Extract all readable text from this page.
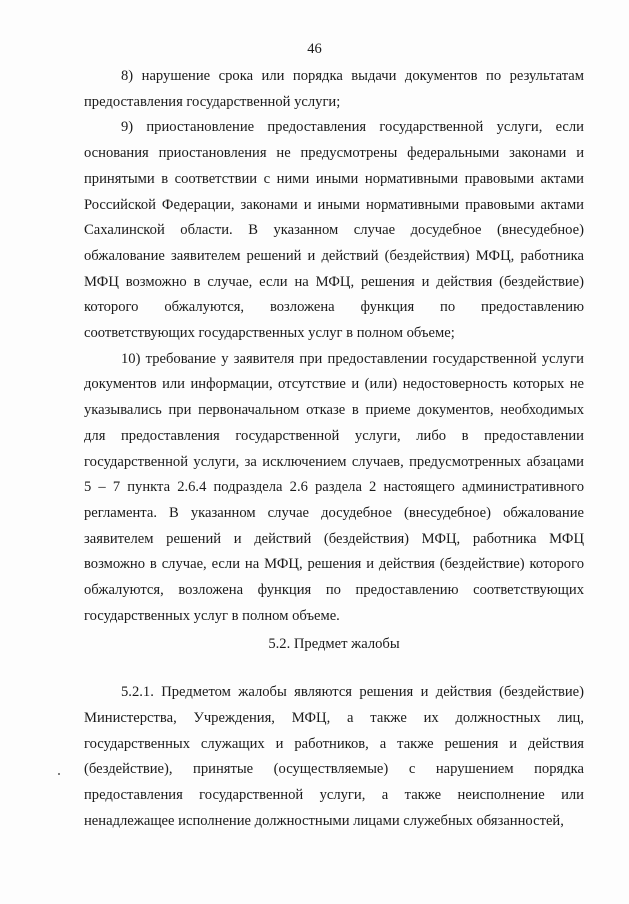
46

8) нарушение срока или порядка выдачи документов по результатам предоставления государственной услуги;

9) приостановление предоставления государственной услуги, если основания приостановления не предусмотрены федеральными законами и принятыми в соответствии с ними иными нормативными правовыми актами Российской Федерации, законами и иными нормативными правовыми актами Сахалинской области. В указанном случае досудебное (внесудебное) обжалование заявителем решений и действий (бездействия) МФЦ, работника МФЦ возможно в случае, если на МФЦ, решения и действия (бездействие) которого обжалуются, возложена функция по предоставлению соответствующих государственных услуг в полном объеме;

10) требование у заявителя при предоставлении государственной услуги документов или информации, отсутствие и (или) недостоверность которых не указывались при первоначальном отказе в приеме документов, необходимых для предоставления государственной услуги, либо в предоставлении государственной услуги, за исключением случаев, предусмотренных абзацами 5 – 7 пункта 2.6.4 подраздела 2.6 раздела 2 настоящего административного регламента. В указанном случае досудебное (внесудебное) обжалование заявителем решений и действий (бездействия) МФЦ, работника МФЦ возможно в случае, если на МФЦ, решения и действия (бездействие) которого обжалуются, возложена функция по предоставлению соответствующих государственных услуг в полном объеме.

5.2. Предмет жалобы

5.2.1. Предметом жалобы являются решения и действия (бездействие) Министерства, Учреждения, МФЦ, а также их должностных лиц, государственных служащих и работников, а также решения и действия (бездействие), принятые (осуществляемые) с нарушением порядка предоставления государственной услуги, а также неисполнение или ненадлежащее исполнение должностными лицами служебных обязанностей,
